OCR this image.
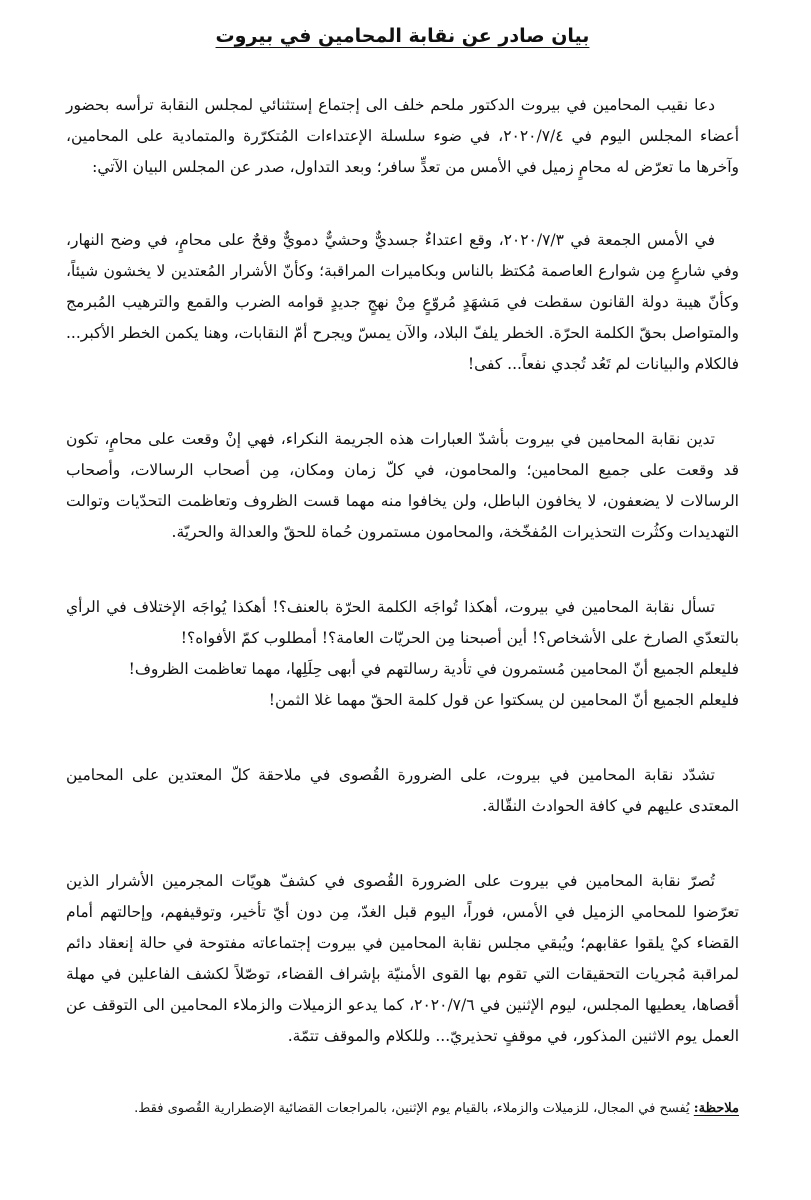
بيان صادر عن نقابة المحامين في بيروت

دعا نقيب المحامين في بيروت الدكتور ملحم خلف الى إجتماع إستثنائي لمجلس النقابة ترأسه بحضور أعضاء المجلس اليوم في ٢٠٢٠/٧/٤، في ضوء سلسلة الإعتداءات المُتكرّرة والمتمادية على المحامين، وآخرها ما تعرّض له محامٍ زميل في الأمس من تعدٍّ سافر؛ وبعد التداول، صدر عن المجلس البيان الآتي:

في الأمس الجمعة في ٢٠٢٠/٧/٣، وقع اعتداءٌ جسديٌّ وحشيٌّ دمويٌّ وقحٌ على محامٍ، في وضح النهار، وفي شارعٍ مِن شوارع العاصمة مُكتظ بالناس وبكاميرات المراقبة؛ وكأنّ الأشرار المُعتدين لا يخشون شيئاً، وكأنّ هيبة دولة القانون سقطت في مَشهَدٍ مُروّعٍ مِنْ نهجٍ جديدٍ قوامه الضرب والقمع والترهيب المُبرمج والمتواصل بحقّ الكلمة الحرّة. الخطر يلفّ البلاد، والآن يمسّ ويجرح أمّ النقابات، وهنا يكمن الخطر الأكبر... فالكلام والبيانات لم تَعُد تُجدي نفعاً... كفى!

تدين نقابة المحامين في بيروت بأشدّ العبارات هذه الجريمة النكراء، فهي إنْ وقعت على محامٍ، تكون قد وقعت على جميع المحامين؛ والمحامون، في كلّ زمان ومكان، مِن أصحاب الرسالات، وأصحاب الرسالات لا يضعفون، لا يخافون الباطل، ولن يخافوا منه مهما قست الظروف وتعاظمت التحدّيات وتوالت التهديدات وكثُرت التحذيرات المُفخّخة، والمحامون مستمرون حُماة للحقّ والعدالة والحريّة.

تسأل نقابة المحامين في بيروت، أهكذا تُواجَه الكلمة الحرّة بالعنف؟! أهكذا يُواجَه الإختلاف في الرأي بالتعدّي الصارخ على الأشخاص؟! أين أصبحنا مِن الحريّات العامة؟! أمطلوب كمّ الأفواه؟!

فليعلم الجميع أنّ المحامين مُستمرون في تأدية رسالتهم في أبهى حِلَلِها، مهما تعاظمت الظروف!

فليعلم الجميع أنّ المحامين لن يسكتوا عن قول كلمة الحقّ مهما غلا الثمن!

تشدّد نقابة المحامين في بيروت، على الضرورة القُصوى في ملاحقة كلّ المعتدين على المحامين المعتدى عليهم في كافة الحوادث النقّالة.

تُصرّ نقابة المحامين في بيروت على الضرورة القُصوى في كشفّ هويّات المجرمين الأشرار الذين تعرّضوا للمحامي الزميل في الأمس، فوراً، اليوم قبل الغدّ، مِن دون أيّ تأخير، وتوقيفهم، وإحالتهم أمام القضاء كيْ يلقوا عقابهم؛ ويُبقي مجلس نقابة المحامين في بيروت إجتماعاته مفتوحة في حالة إنعقاد دائم لمراقبة مُجريات التحقيقات التي تقوم بها القوى الأمنيّة بإشراف القضاء، توصّلاً لكشف الفاعلين في مهلة أقصاها، يعطيها المجلس، ليوم الإثنين في ٢٠٢٠/٧/٦، كما يدعو الزميلات والزملاء المحامين الى التوقف عن العمل يوم الاثنين المذكور، في موقفٍ تحذيريّ... وللكلام والموقف تتمّة.

ملاحظة: يُفسح في المجال، للزميلات والزملاء، بالقيام يوم الإثنين، بالمراجعات القضائية الإضطرارية القُصوى فقط.
